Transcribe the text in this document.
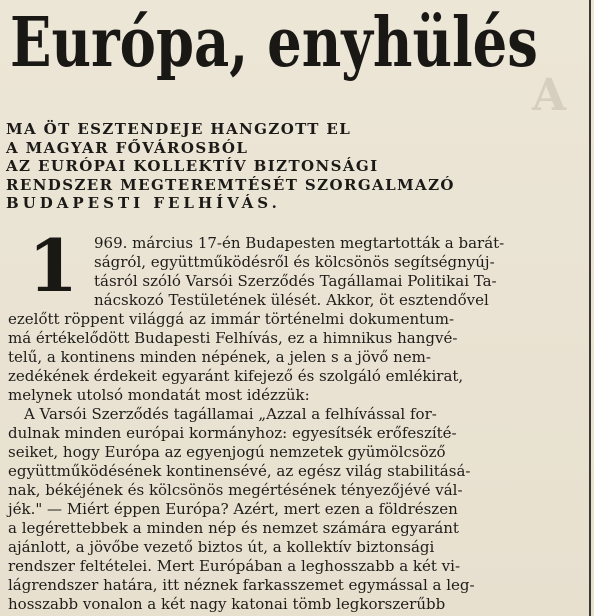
Európa, enyhülés
A
MA ÖT ESZTENDEJE HANGZOTT EL
A MAGYAR FŐVÁROSBÓL
AZ EURÓPAI KOLLEKTÍV BIZTONSÁGI
RENDSZER MEGTEREMTÉSÉT SZORGALMAZÓ
BUDAPESTI FELHÍVÁS.
1	969. március 17-én Budapesten megtartották a barát-
ságról, együttműködésről és kölcsönös segítségnyúj-
tásról szóló Varsói Szerződés Tagállamai Politikai Ta-
nácskozó Testületének ülését. Akkor, öt esztendővel
ezelőtt röppent világgá az immár történelmi dokumentum-
má értékelődött Budapesti Felhívás, ez a himnikus hangvé-
telű, a kontinens minden népének, a jelen s a jövő nem-
zedékének érdekeit egyaránt kifejező és szolgáló emlékirat,
melynek utolsó mondatát most idézzük:
A Varsói Szerződés tagállamai „Azzal a felhívással for-
dulnak minden európai kormányhoz: egyesítsék erőfeszíté-
seiket, hogy Európa az egyenjogú nemzetek gyümölcsöző
együttműködésének kontinensévé, az egész világ stabilitásá-
nak, békéjének és kölcsönös megértésének tényezőjévé vál-
jék." — Miért éppen Európa? Azért, mert ezen a földrészen
a legérettebbek a minden nép és nemzet számára egyaránt
ajánlott, a jövőbe vezető biztos út, a kollektív biztonsági
rendszer feltételei. Mert Európában a leghosszabb a két vi-
lágrendszer határa, itt néznek farkasszemet egymással a leg-
hosszabb vonalon a két nagy katonai tömb legkorszerűbb
